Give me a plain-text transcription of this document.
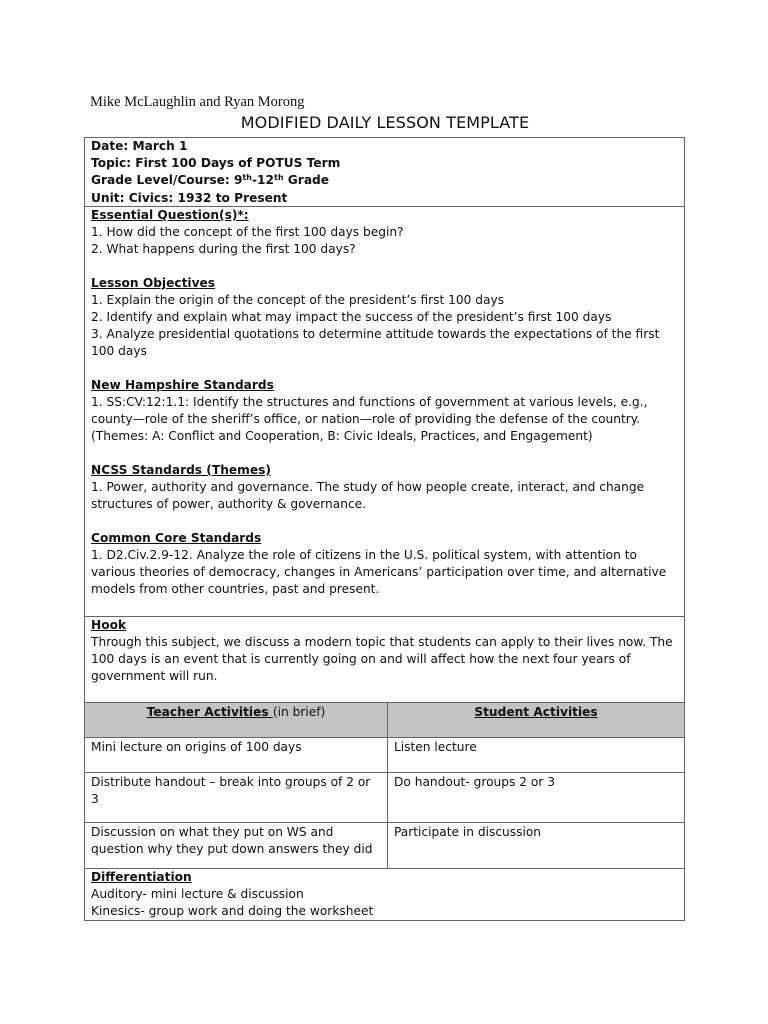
Mike McLaughlin and Ryan Morong
MODIFIED DAILY LESSON TEMPLATE
Date: March 1
Topic: First 100 Days of POTUS Term
Grade Level/Course: 9th-12th Grade
Unit: Civics: 1932 to Present
Essential Question(s)*:
1. How did the concept of the first 100 days begin?
2. What happens during the first 100 days?
Lesson Objectives
1. Explain the origin of the concept of the president’s first 100 days
2. Identify and explain what may impact the success of the president’s first 100 days
3. Analyze presidential quotations to determine attitude towards the expectations of the first 100 days
New Hampshire Standards
1. SS:CV:12:1.1: Identify the structures and functions of government at various levels, e.g., county—role of the sheriff’s office, or nation—role of providing the defense of the country. (Themes: A: Conflict and Cooperation, B: Civic Ideals, Practices, and Engagement)
NCSS Standards (Themes)
1. Power, authority and governance. The study of how people create, interact, and change structures of power, authority & governance.
Common Core Standards
1. D2.Civ.2.9-12. Analyze the role of citizens in the U.S. political system, with attention to various theories of democracy, changes in Americans’ participation over time, and alternative models from other countries, past and present.
Hook
Through this subject, we discuss a modern topic that students can apply to their lives now. The 100 days is an event that is currently going on and will affect how the next four years of government will run.
Teacher Activities (in brief)	Student Activities
Mini lecture on origins of 100 days	Listen lecture
Distribute handout – break into groups of 2 or 3	Do handout- groups 2 or 3
Discussion on what they put on WS and question why they put down answers they did	Participate in discussion
Differentiation
Auditory- mini lecture & discussion
Kinesics- group work and doing the worksheet
